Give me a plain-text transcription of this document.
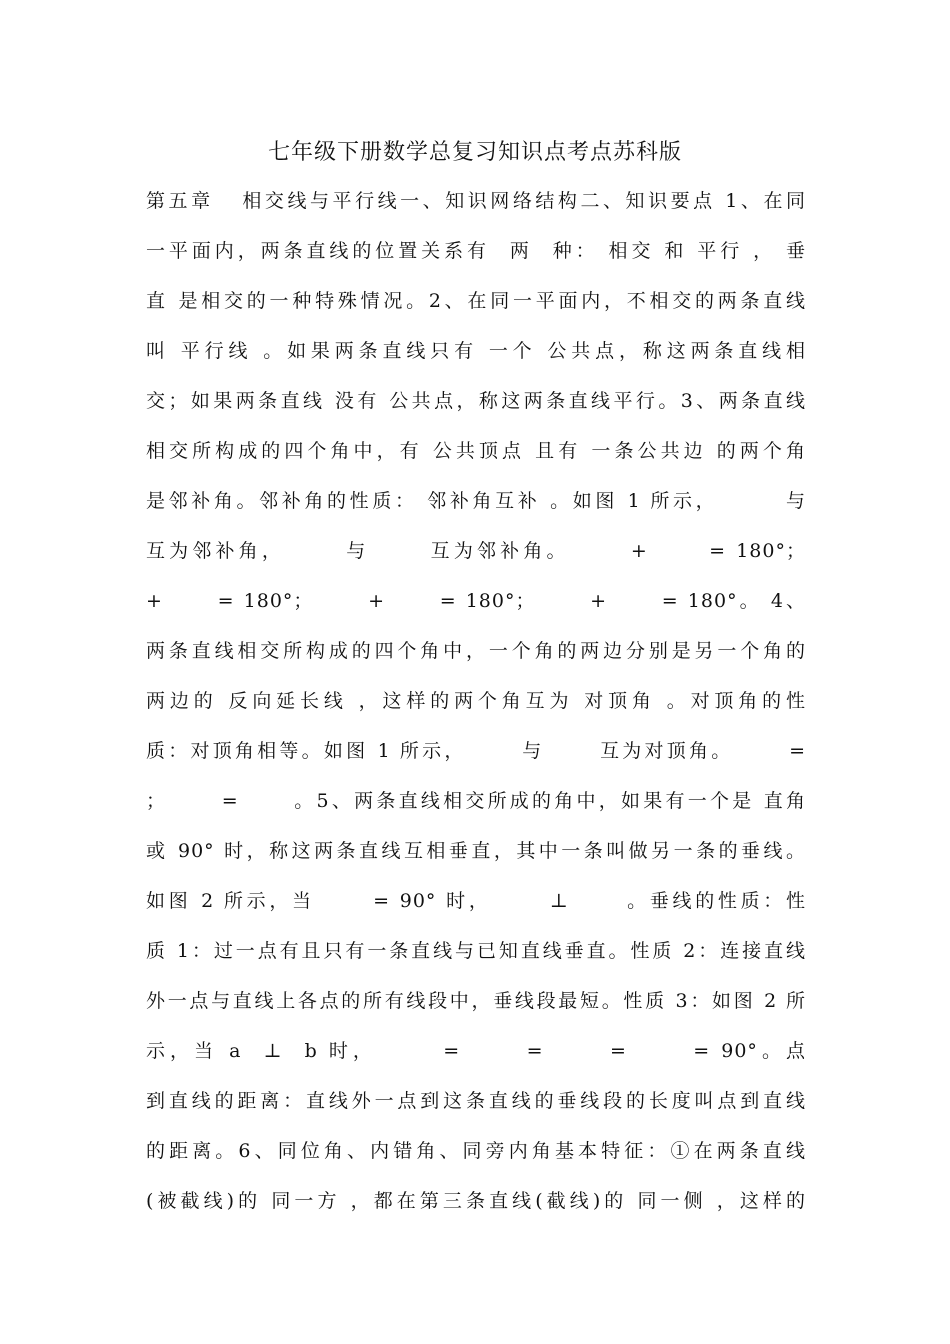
七年级下册数学总复习知识点考点苏科版
第五章   相交线与平行线一、知识网络结构二、知识要点 1、在同
一平面内，两条直线的位置关系有  两  种： 相交 和 平行 ， 垂
直 是相交的一种特殊情况。2、在同一平面内，不相交的两条直线
叫 平行线 。如果两条直线只有 一个 公共点，称这两条直线相
交；如果两条直线 没有 公共点，称这两条直线平行。3、两条直线
相交所构成的四个角中，有 公共顶点 且有 一条公共边 的两个角
是邻补角。邻补角的性质： 邻补角互补 。如图 1 所示，       与
互为邻补角，      与      互为邻补角。      +      = 180°；
+      = 180°；      +      = 180°；      +      = 180°。 4、
两条直线相交所构成的四个角中，一个角的两边分别是另一个角的
两边的 反向延长线 ，这样的两个角互为 对顶角 。对顶角的性
质：对顶角相等。如图 1 所示，      与      互为对顶角。      =
；      =      。5、两条直线相交所成的角中，如果有一个是 直角
或 90° 时，称这两条直线互相垂直，其中一条叫做另一条的垂线。
如图 2 所示，当      = 90° 时，      ⊥      。垂线的性质：性
质 1：过一点有且只有一条直线与已知直线垂直。性质 2：连接直线
外一点与直线上各点的所有线段中，垂线段最短。性质 3：如图 2 所
示，当 a  ⊥  b 时，      =      =      =      = 90°。点
到直线的距离：直线外一点到这条直线的垂线段的长度叫点到直线
的距离。6、同位角、内错角、同旁内角基本特征：①在两条直线
(被截线)的 同一方 ，都在第三条直线(截线)的 同一侧 ，这样的
